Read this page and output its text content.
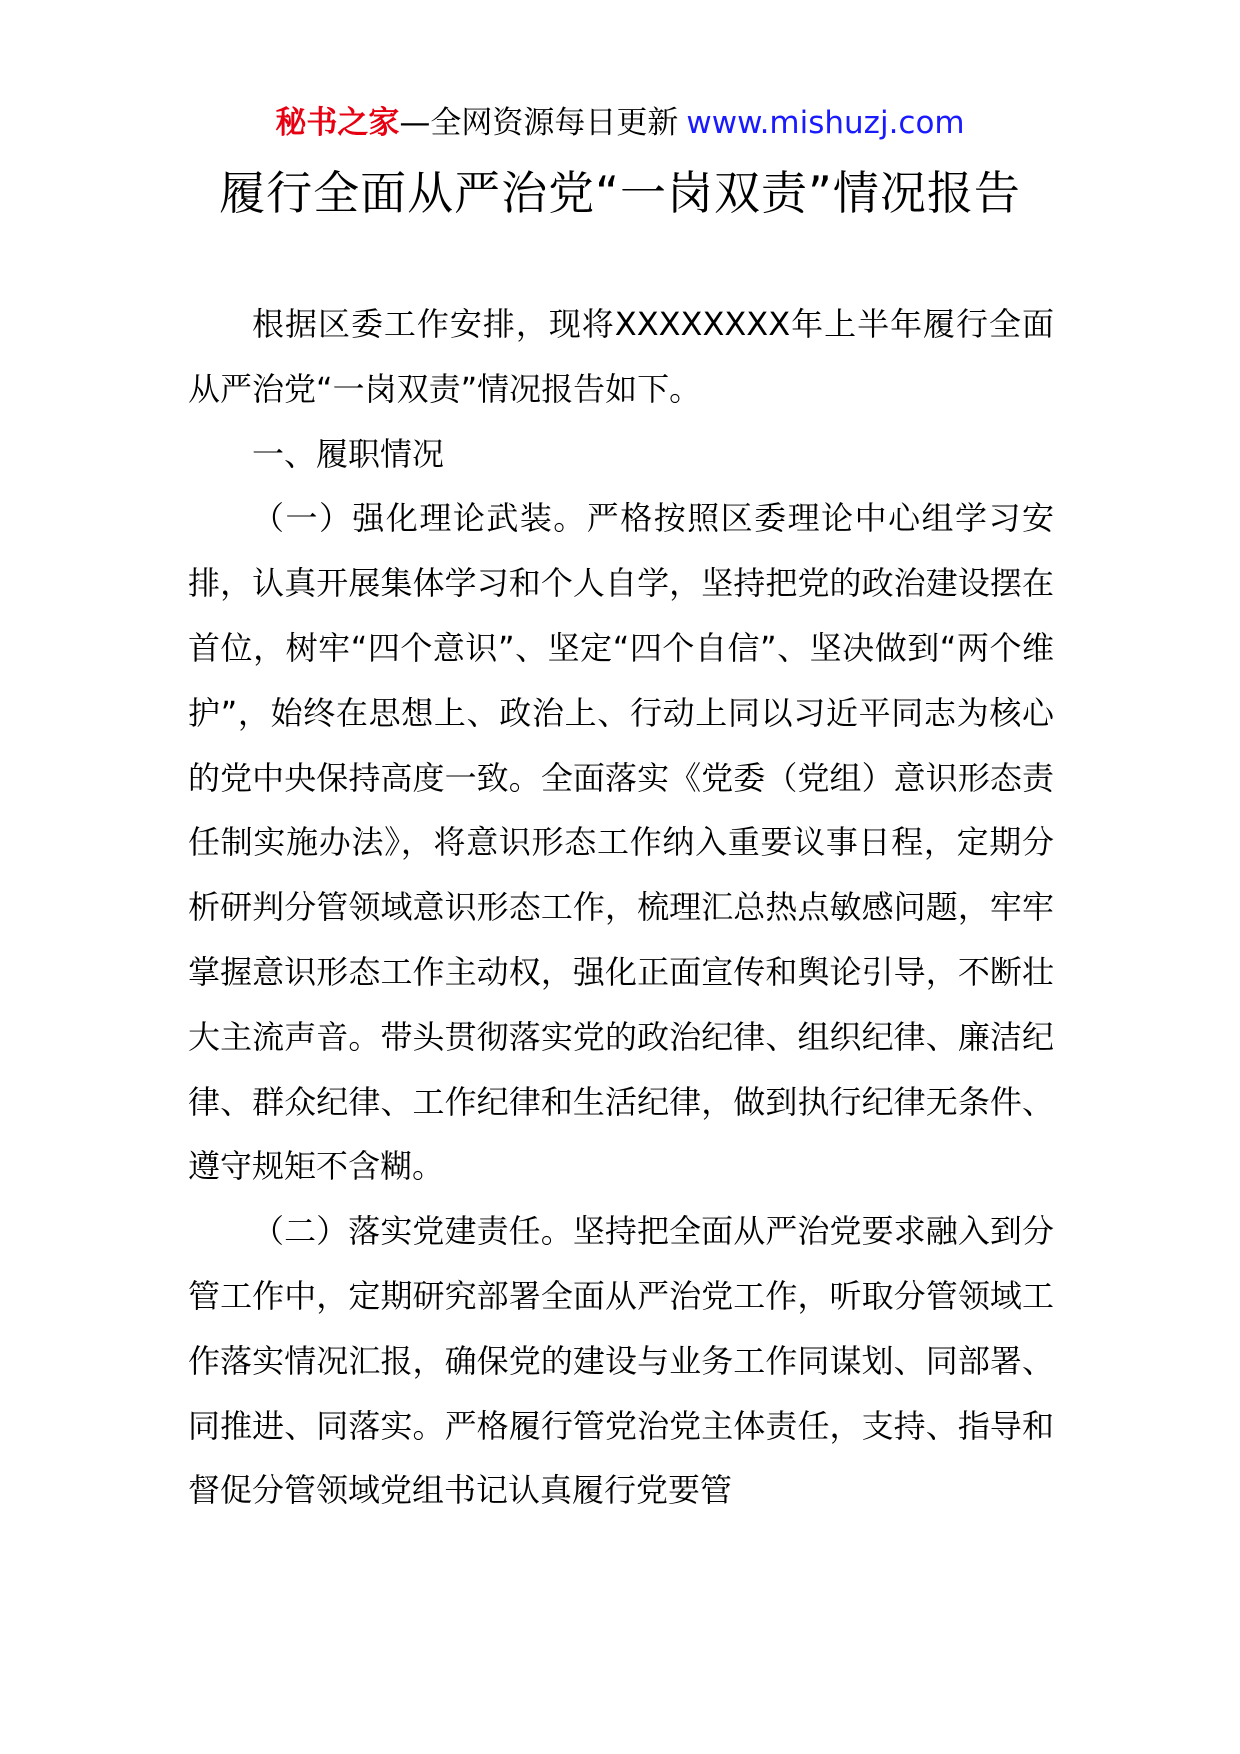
秘书之家—全网资源每日更新 www.mishuzj.com
履行全面从严治党“一岗双责”情况报告

根据区委工作安排，现将XXXXXXXX年上半年履行全面从严治党“一岗双责”情况报告如下。

一、履职情况

（一）强化理论武装。严格按照区委理论中心组学习安排，认真开展集体学习和个人自学，坚持把党的政治建设摆在首位，树牢“四个意识”、坚定“四个自信”、坚决做到“两个维护”，始终在思想上、政治上、行动上同以习近平同志为核心的党中央保持高度一致。全面落实《党委（党组）意识形态责任制实施办法》，将意识形态工作纳入重要议事日程，定期分析研判分管领域意识形态工作，梳理汇总热点敏感问题，牢牢掌握意识形态工作主动权，强化正面宣传和舆论引导，不断壮大主流声音。带头贯彻落实党的政治纪律、组织纪律、廉洁纪律、群众纪律、工作纪律和生活纪律，做到执行纪律无条件、遵守规矩不含糊。

（二）落实党建责任。坚持把全面从严治党要求融入到分管工作中，定期研究部署全面从严治党工作，听取分管领域工作落实情况汇报，确保党的建设与业务工作同谋划、同部署、同推进、同落实。严格履行管党治党主体责任，支持、指导和督促分管领域党组书记认真履行党要管
